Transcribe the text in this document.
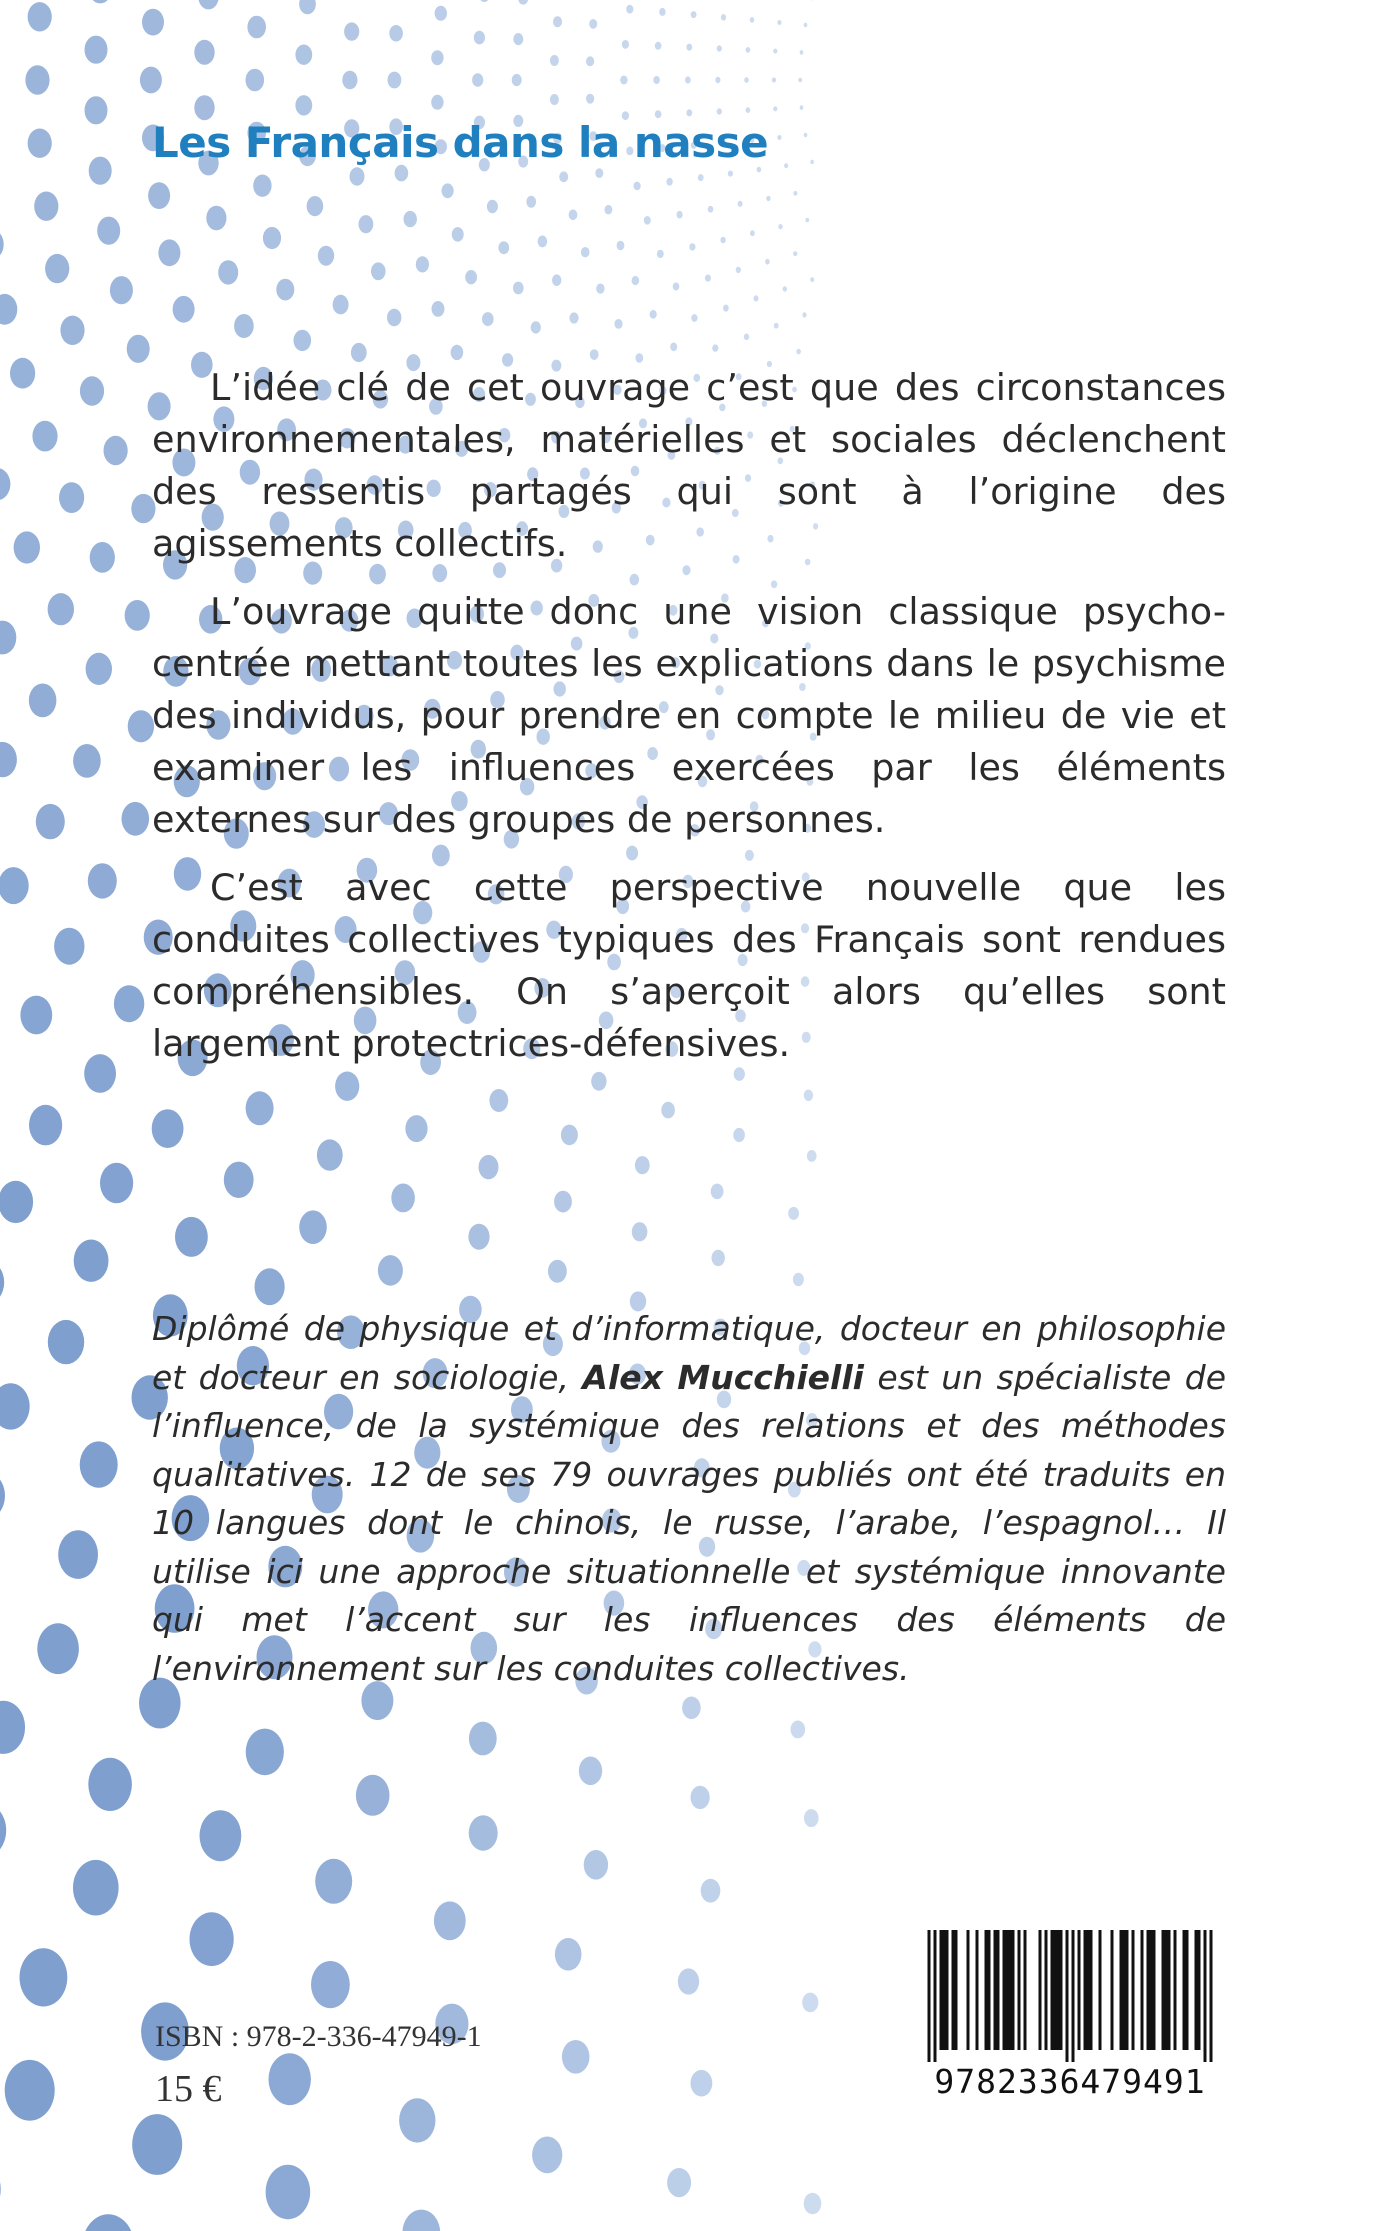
Les Français dans la nasse

L’idée clé de cet ouvrage c’est que des circonstances environnementales, matérielles et sociales déclenchent des ressentis partagés qui sont à l’origine des agissements collectifs.

L’ouvrage quitte donc une vision classique psycho-centrée mettant toutes les explications dans le psychisme des individus, pour prendre en compte le milieu de vie et examiner les influences exercées par les éléments externes sur des groupes de personnes.

C’est avec cette perspective nouvelle que les conduites collectives typiques des Français sont rendues compréhensibles. On s’aperçoit alors qu’elles sont largement protectrices-défensives.

Diplômé de physique et d’informatique, docteur en philosophie et docteur en sociologie, Alex Mucchielli est un spécialiste de l’influence, de la systémique des relations et des méthodes qualitatives. 12 de ses 79 ouvrages publiés ont été traduits en 10 langues dont le chinois, le russe, l’arabe, l’espagnol… Il utilise ici une approche situationnelle et systémique innovante qui met l’accent sur les influences des éléments de l’environnement sur les conduites collectives.
ISBN : 978-2-336-47949-1
15 €	9782336479491
